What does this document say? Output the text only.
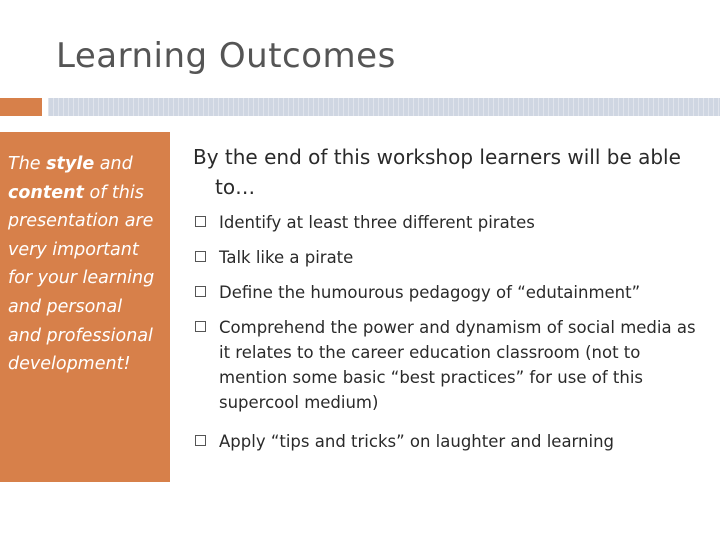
Learning Outcomes

The style and content of this presentation are very important for your learning and personal and professional development!

By the end of this workshop learners will be able to…

Identify at least three different pirates
Talk like a pirate
Define the humourous pedagogy of “edutainment”
Comprehend the power and dynamism of social media as it relates to the career education classroom (not to mention some basic “best practices” for use of this supercool medium)
Apply “tips and tricks” on laughter and learning
